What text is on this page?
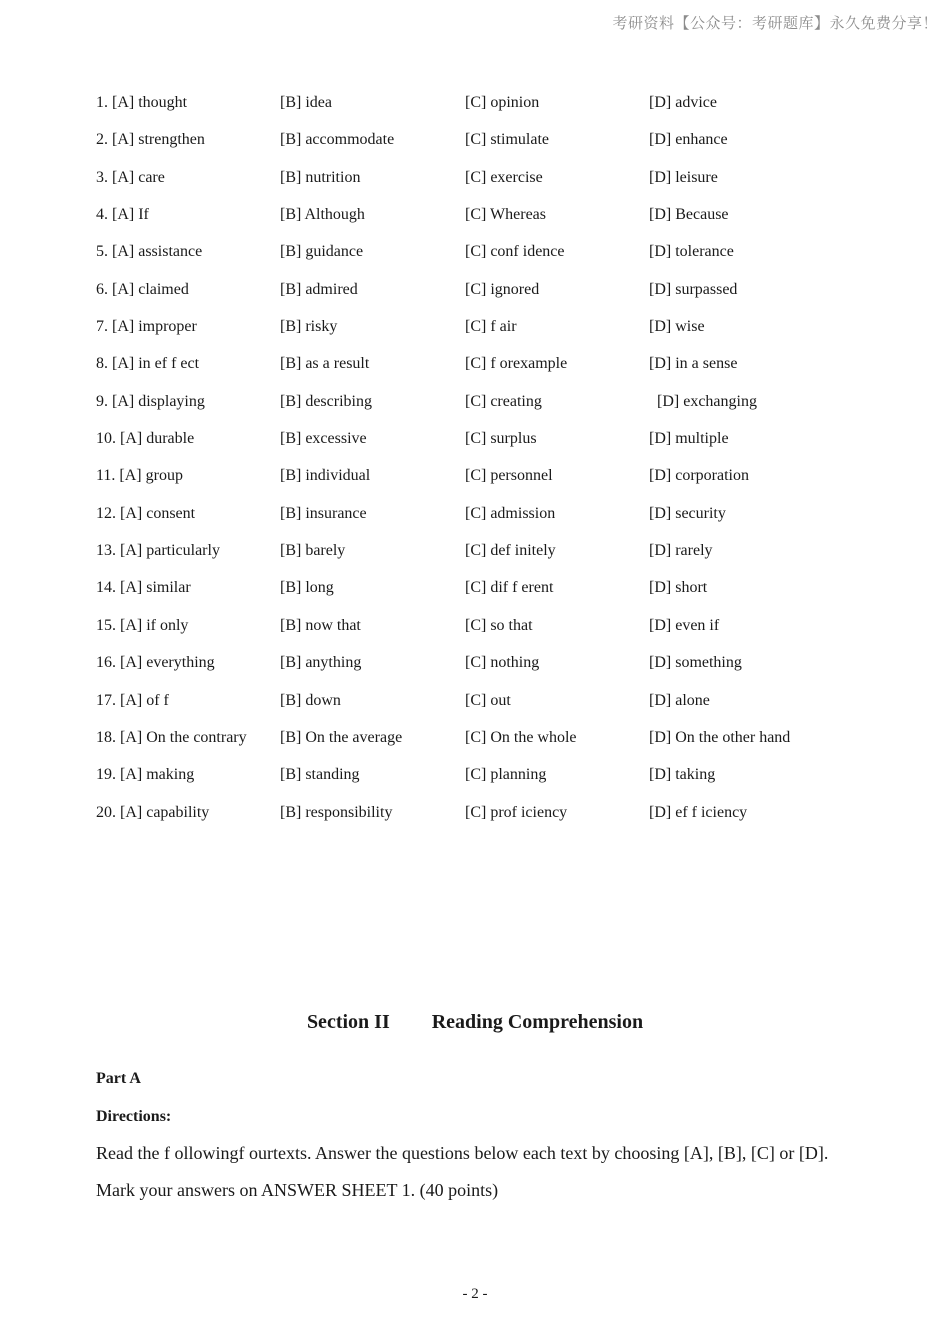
考研资料【公众号：考研题库】永久免费分享！
1. [A] thought	[B] idea	[C] opinion	[D] advice
2. [A] strengthen	[B] accommodate	[C] stimulate	[D] enhance
3. [A] care	[B] nutrition	[C] exercise	[D] leisure
4. [A] If	[B] Although	[C] Whereas	[D] Because
5. [A] assistance	[B] guidance	[C] conf idence	[D] tolerance
6. [A] claimed	[B] admired	[C] ignored	[D] surpassed
7. [A] improper	[B] risky	[C] f air	[D] wise
8. [A] in ef f ect	[B] as a result	[C] f orexample	[D] in a sense
9. [A] displaying	[B] describing	[C] creating	[D] exchanging
10. [A] durable	[B] excessive	[C] surplus	[D] multiple
11. [A] group	[B] individual	[C] personnel	[D] corporation
12. [A] consent	[B] insurance	[C] admission	[D] security
13. [A] particularly	[B] barely	[C] def initely	[D] rarely
14. [A] similar	[B] long	[C] dif f erent	[D] short
15. [A] if only	[B] now that	[C] so that	[D] even if
16. [A] everything	[B] anything	[C] nothing	[D] something
17. [A] of f	[B] down	[C] out	[D] alone
18. [A] On the contrary [B] On the average	[C] On the whole	[D] On the other hand
19. [A] making	[B] standing	[C] planning	[D] taking
20. [A] capability	[B] responsibility	[C] prof iciency	[D] ef f iciency
Section II Reading Comprehension
Part A
Directions:
Read the f ollowingf ourtexts. Answer the questions below each text by choosing [A], [B], [C] or [D].
Mark your answers on ANSWER SHEET 1. (40 points)
- 2 -
